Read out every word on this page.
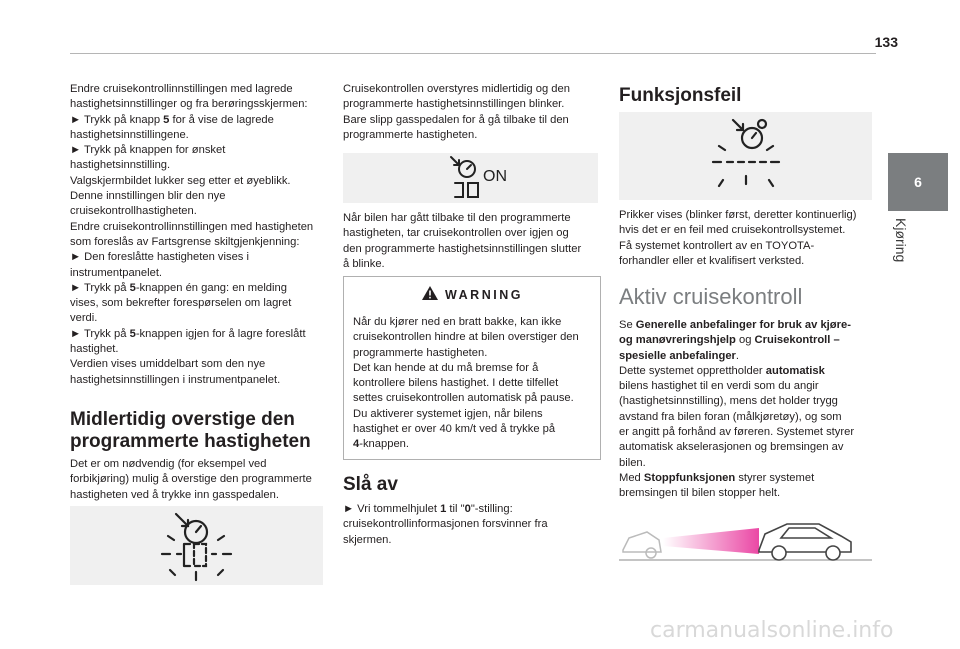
133
6
Kjøring

Endre cruisekontrollinnstillingen med lagrede

hastighetsinnstillinger og fra berøringsskjermen:

► Trykk på knapp 5 for å vise de lagrede

hastighetsinnstillingene.

► Trykk på knappen for ønsket

hastighetsinnstilling.

Valgskjermbildet lukker seg etter et øyeblikk.

Denne innstillingen blir den nye

cruisekontrollhastigheten.

Endre cruisekontrollinnstillingen med hastigheten

som foreslås av Fartsgrense skiltgjenkjenning:

► Den foreslåtte hastigheten vises i

instrumentpanelet.

► Trykk på 5-knappen én gang: en melding

vises, som bekrefter forespørselen om lagret

verdi.

► Trykk på 5-knappen igjen for å lagre foreslått

hastighet.

Verdien vises umiddelbart som den nye

hastighetsinnstillingen i instrumentpanelet.

Midlertidig overstige den

programmerte hastigheten

Det er om nødvendig (for eksempel ved

forbikjøring) mulig å overstige den programmerte

hastigheten ved å trykke inn gasspedalen.

Cruisekontrollen overstyres midlertidig og den

programmerte hastighetsinnstillingen blinker.

Bare slipp gasspedalen for å gå tilbake til den

programmerte hastigheten.

ON

Når bilen har gått tilbake til den programmerte

hastigheten, tar cruisekontrollen over igjen og

den programmerte hastighetsinnstillingen slutter

å blinke.

WARNING

Når du kjører ned en bratt bakke, kan ikke

cruisekontrollen hindre at bilen overstiger den

programmerte hastigheten.

Det kan hende at du må bremse for å

kontrollere bilens hastighet. I dette tilfellet

settes cruisekontrollen automatisk på pause.

Du aktiverer systemet igjen, når bilens

hastighet er over 40 km/t ved å trykke på

4-knappen.

Slå av

► Vri tommelhjulet 1 til "0"-stilling:

cruisekontrollinformasjonen forsvinner fra

skjermen.

Funksjonsfeil

Prikker vises (blinker først, deretter kontinuerlig)

hvis det er en feil med cruisekontrollsystemet.

Få systemet kontrollert av en TOYOTA-

forhandler eller et kvalifisert verksted.

Aktiv cruisekontroll

Se Generelle anbefalinger for bruk av kjøre-

og manøvreringshjelp og Cruisekontroll –

spesielle anbefalinger.

Dette systemet opprettholder automatisk

bilens hastighet til en verdi som du angir

(hastighetsinnstilling), mens det holder trygg

avstand fra bilen foran (målkjøretøy), og som

er angitt på forhånd av føreren. Systemet styrer

automatisk akselerasjonen og bremsingen av

bilen.

Med Stoppfunksjonen styrer systemet

bremsingen til bilen stopper helt.

carmanualsonline.info
